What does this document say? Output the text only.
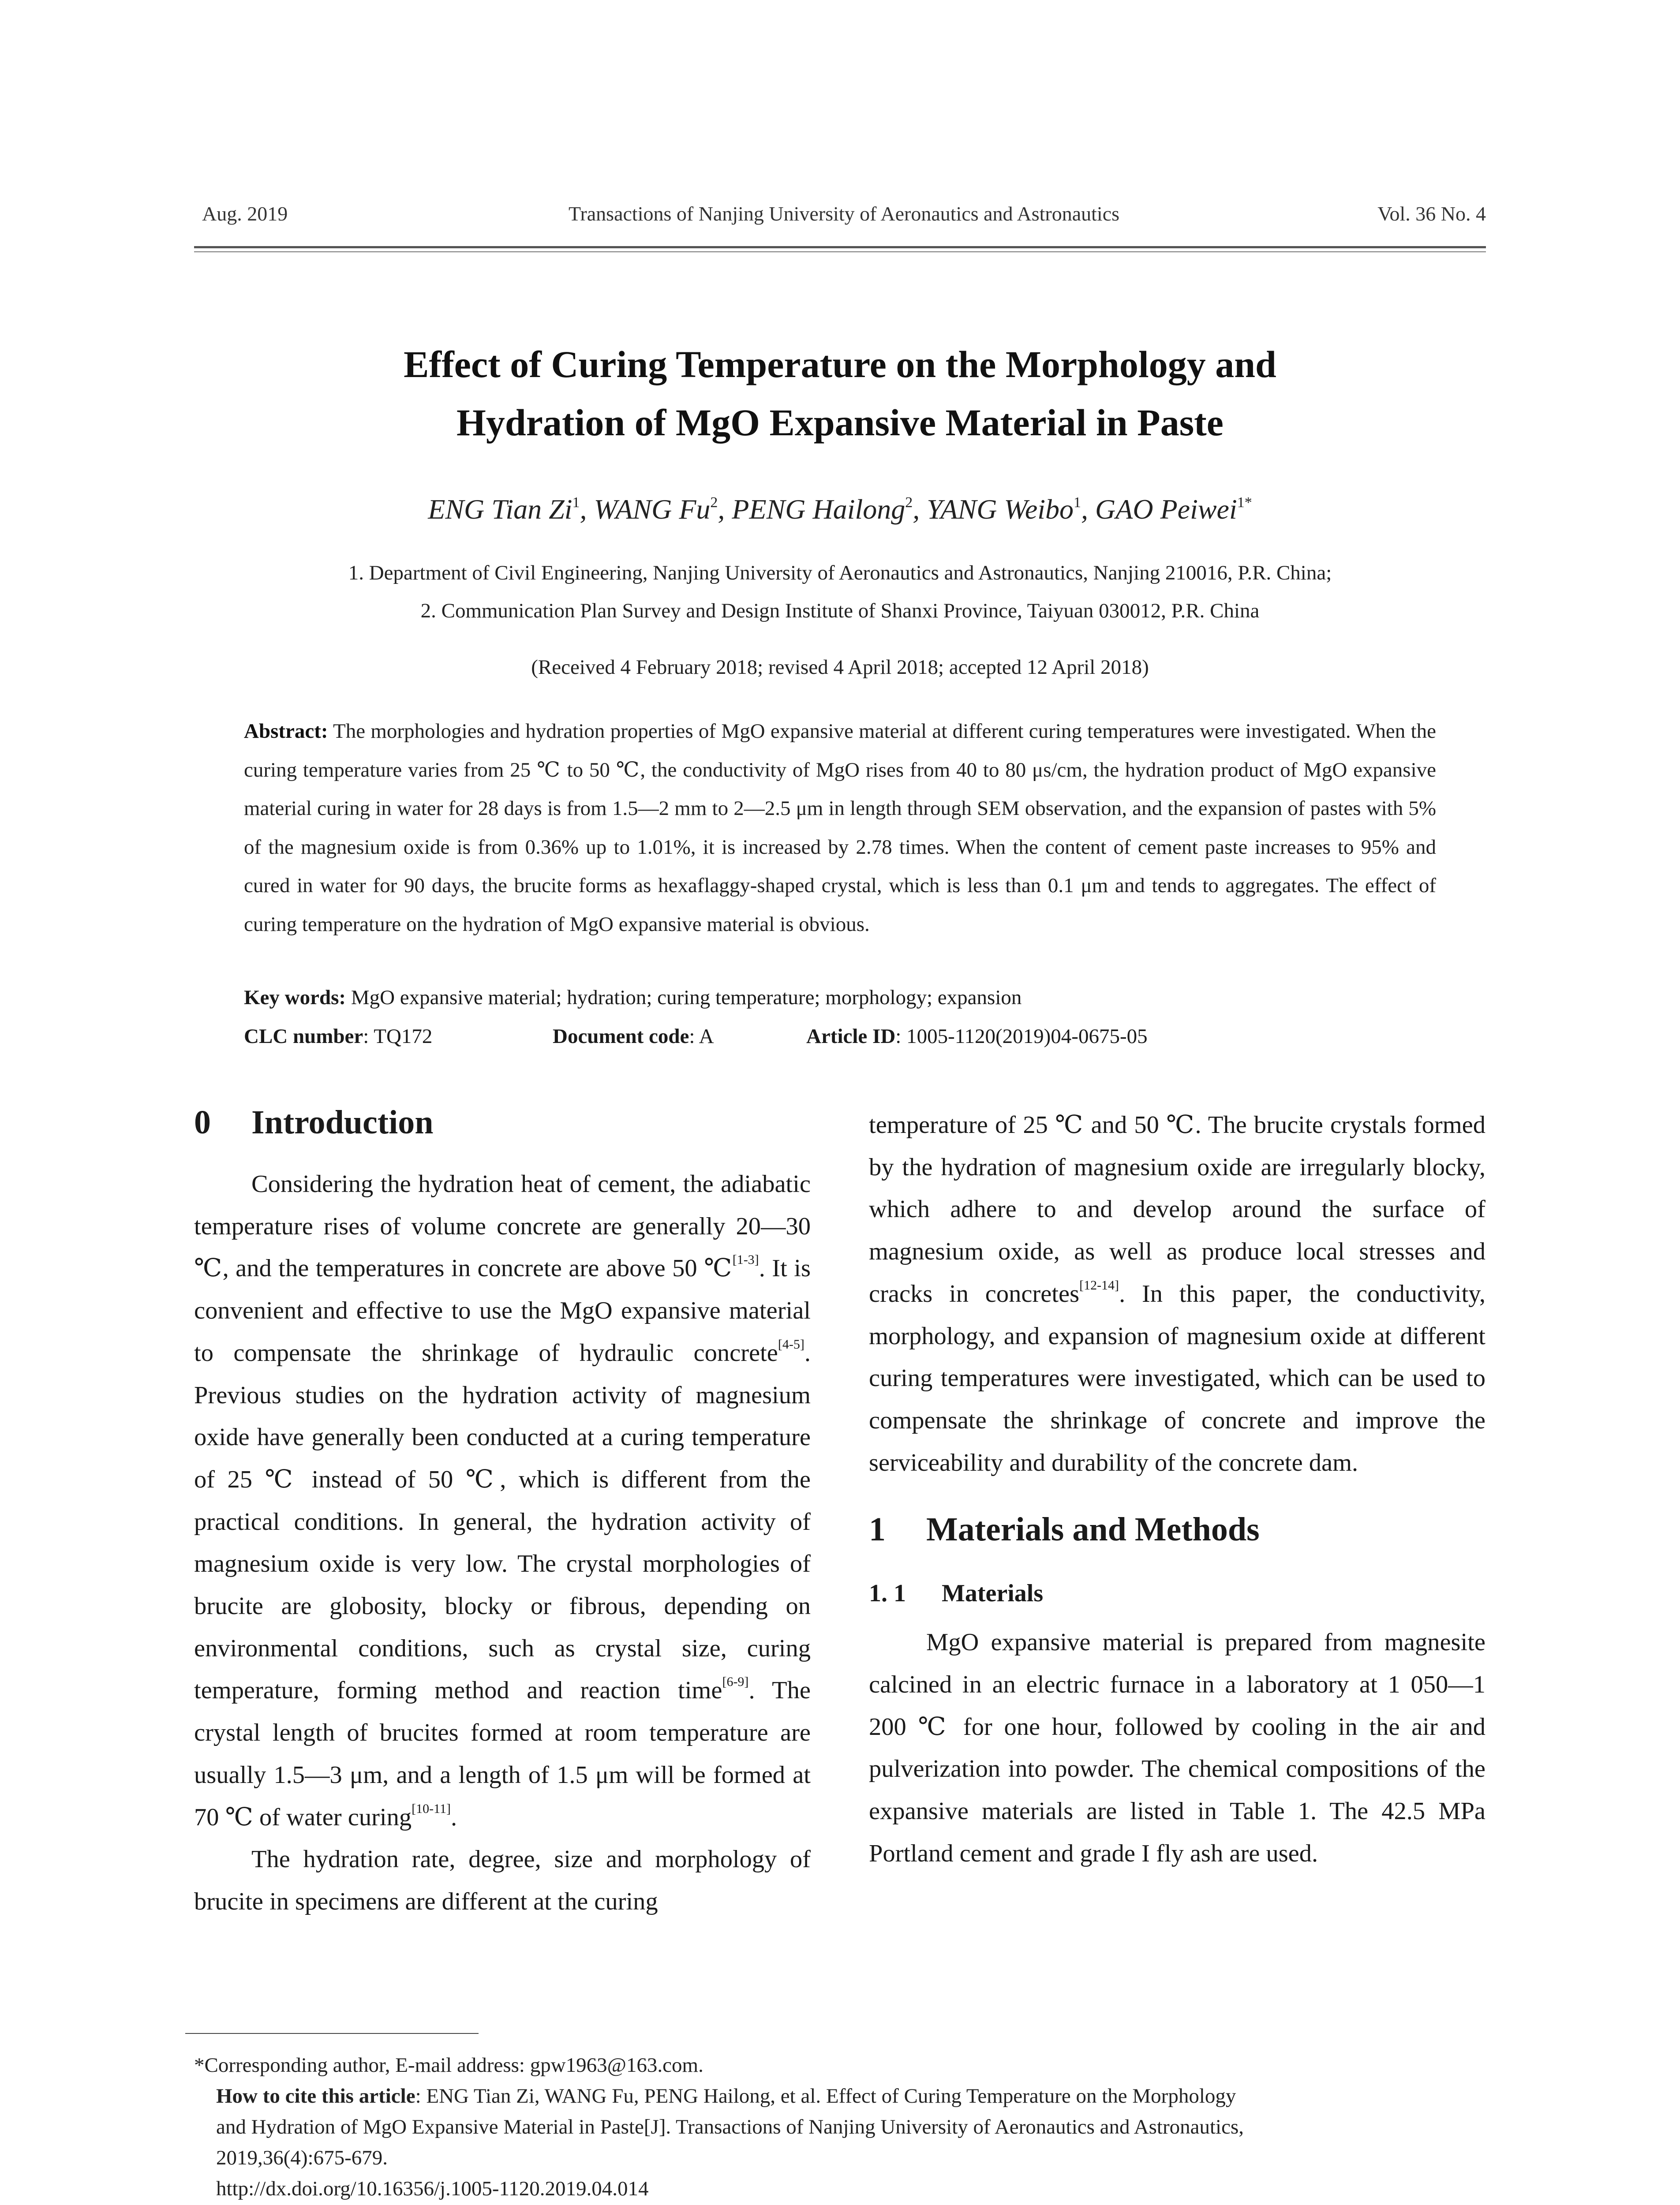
Aug. 2019	Transactions of Nanjing University of Aeronautics and Astronautics	Vol. 36 No. 4
Effect of Curing Temperature on the Morphology and
Hydration of MgO Expansive Material in Paste
ENG Tian Zi$^1$, WANG Fu$^2$, PENG Hailong$^2$, YANG Weibo$^1$, GAO Peiwei$^{1*}$
1. Department of Civil Engineering, Nanjing University of Aeronautics and Astronautics, Nanjing 210016, P.R. China;
2. Communication Plan Survey and Design Institute of Shanxi Province, Taiyuan 030012, P.R. China
(Received 4 February 2018; revised 4 April 2018; accepted 12 April 2018)
Abstract: The morphologies and hydration properties of MgO expansive material at different curing temperatures were investigated. When the curing temperature varies from 25 ℃ to 50 ℃, the conductivity of MgO rises from 40 to 80 μs/cm, the hydration product of MgO expansive material curing in water for 28 days is from 1.5—2 mm to 2—2.5 μm in length through SEM observation, and the expansion of pastes with 5% of the magnesium oxide is from 0.36% up to 1.01%, it is increased by 2.78 times. When the content of cement paste increases to 95% and cured in water for 90 days, the brucite forms as hexaflaggy-shaped crystal, which is less than 0.1 μm and tends to aggregates. The effect of curing temperature on the hydration of MgO expansive material is obvious.
Key words: MgO expansive material; hydration; curing temperature; morphology; expansion
CLC number: TQ172	Document code: A	Article ID: 1005-1120(2019)04-0675-05

0 Introduction

Considering the hydration heat of cement, the adiabatic temperature rises of volume concrete are generally 20—30 ℃, and the temperatures in concrete are above 50 ℃[1-3]. It is convenient and effective to use the MgO expansive material to compensate the shrinkage of hydraulic concrete[4-5]. Previous studies on the hydration activity of magnesium oxide have generally been conducted at a curing temperature of 25 ℃ instead of 50 ℃, which is different from the practical conditions. In general, the hydration activity of magnesium oxide is very low. The crystal morphologies of brucite are globosity, blocky or fibrous, depending on environmental conditions, such as crystal size, curing temperature, forming method and reaction time[6-9]. The crystal length of brucites formed at room temperature are usually 1.5—3 μm, and a length of 1.5 μm will be formed at 70 ℃ of water curing[10-11].

The hydration rate, degree, size and morphology of brucite in specimens are different at the curing

temperature of 25 ℃ and 50 ℃. The brucite crystals formed by the hydration of magnesium oxide are irregularly blocky, which adhere to and develop around the surface of magnesium oxide, as well as produce local stresses and cracks in concretes[12-14]. In this paper, the conductivity, morphology, and expansion of magnesium oxide at different curing temperatures were investigated, which can be used to compensate the shrinkage of concrete and improve the serviceability and durability of the concrete dam.

1 Materials and Methods

1. 1 Materials

MgO expansive material is prepared from magnesite calcined in an electric furnace in a laboratory at 1 050—1 200 ℃ for one hour, followed by cooling in the air and pulverization into powder. The chemical compositions of the expansive materials are listed in Table 1. The 42.5 MPa Portland cement and grade I fly ash are used.

*Corresponding author, E-mail address: gpw1963@163.com.
How to cite this article: ENG Tian Zi, WANG Fu, PENG Hailong, et al. Effect of Curing Temperature on the Morphology
and Hydration of MgO Expansive Material in Paste[J]. Transactions of Nanjing University of Aeronautics and Astronautics,
2019,36(4):675-679.
http://dx.doi.org/10.16356/j.1005-1120.2019.04.014
